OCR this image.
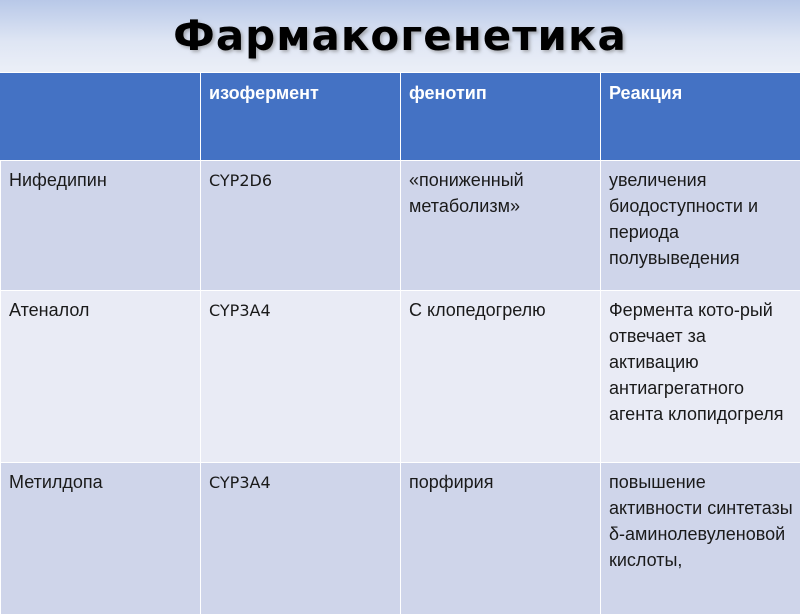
Фармакогенетика
	изофермент	фенотип	Реакция
Нифедипин	CYP2D6	«пониженный метаболизм»	увеличения биодоступности и периода полувыведения
Атеналол	CYP3A4	С клопедогрелю	Фермента кото-рый отвечает за активацию антиагрегатного агента клопидогреля
Метилдопа	CYP3A4	порфирия	повышение активности синтетазы δ-аминолевуленовой кислоты,
